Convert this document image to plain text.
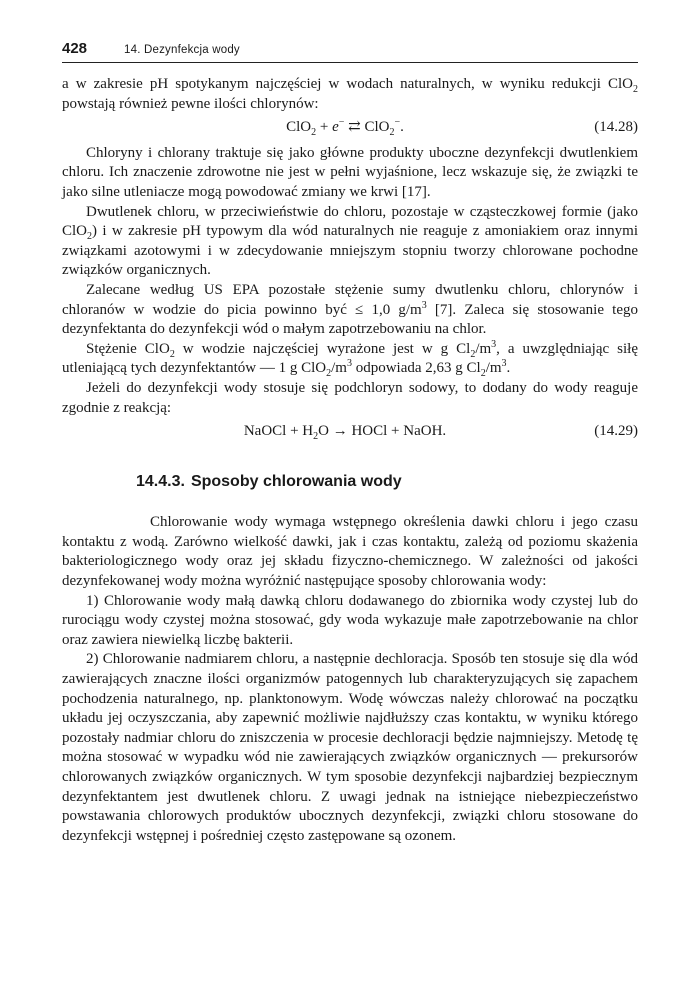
428	14. Dezynfekcja wody

a w zakresie pH spotykanym najczęściej w wodach naturalnych, w wyniku redukcji ClO$_2$ powstają również pewne ilości chlorynów:

ClO$_2$ + e− ⇄ ClO$_2$−.	(14.28)

Chloryny i chlorany traktuje się jako główne produkty uboczne dezynfekcji dwutlenkiem chloru. Ich znaczenie zdrowotne nie jest w pełni wyjaśnione, lecz wskazuje się, że związki te jako silne utleniacze mogą powodować zmiany we krwi [17].

Dwutlenek chloru, w przeciwieństwie do chloru, pozostaje w cząsteczkowej formie (jako ClO$_2$) i w zakresie pH typowym dla wód naturalnych nie reaguje z amoniakiem oraz innymi związkami azotowymi i w zdecydowanie mniejszym stopniu tworzy chlorowane pochodne związków organicznych.

Zalecane według US EPA pozostałe stężenie sumy dwutlenku chloru, chlorynów i chloranów w wodzie do picia powinno być ≤ 1,0 $g/m^3$ [7]. Zaleca się stosowanie tego dezynfektanta do dezynfekcji wód o małym zapotrzebowaniu na chlor.

Stężenie ClO$_2$ w wodzie najczęściej wyrażone jest w g $Cl_2/m^3$, a uwzględniając siłę utleniającą tych dezynfektantów — 1 g $ClO_2/m^3$ odpowiada 2,63 g $Cl_2/m^3$.

Jeżeli do dezynfekcji wody stosuje się podchloryn sodowy, to dodany do wody reaguje zgodnie z reakcją:

NaOCl + $H_2O$ → HOCl + NaOH.	(14.29)
14.4.3. Sposoby chlorowania wody

Chlorowanie wody wymaga wstępnego określenia dawki chloru i jego czasu kontaktu z wodą. Zarówno wielkość dawki, jak i czas kontaktu, zależą od poziomu skażenia bakteriologicznego wody oraz jej składu fizyczno-chemicznego. W zależności od jakości dezynfekowanej wody można wyróżnić następujące sposoby chlorowania wody:

1) Chlorowanie wody małą dawką chloru dodawanego do zbiornika wody czystej lub do rurociągu wody czystej można stosować, gdy woda wykazuje małe zapotrzebowanie na chlor oraz zawiera niewielką liczbę bakterii.

2) Chlorowanie nadmiarem chloru, a następnie dechloracja. Sposób ten stosuje się dla wód zawierających znaczne ilości organizmów patogennych lub charakteryzujących się zapachem pochodzenia naturalnego, np. planktonowym. Wodę wówczas należy chlorować na początku układu jej oczyszczania, aby zapewnić możliwie najdłuższy czas kontaktu, w wyniku którego pozostały nadmiar chloru do zniszczenia w procesie dechloracji będzie najmniejszy. Metodę tę można stosować w wypadku wód nie zawierających związków organicznych — prekursorów chlorowanych związków organicznych. W tym sposobie dezynfekcji najbardziej bezpiecznym dezynfektantem jest dwutlenek chloru. Z uwagi jednak na istniejące niebezpieczeństwo powstawania chlorowych produktów ubocznych dezynfekcji, związki chloru stosowane do dezynfekcji wstępnej i pośredniej często zastępowane są ozonem.
